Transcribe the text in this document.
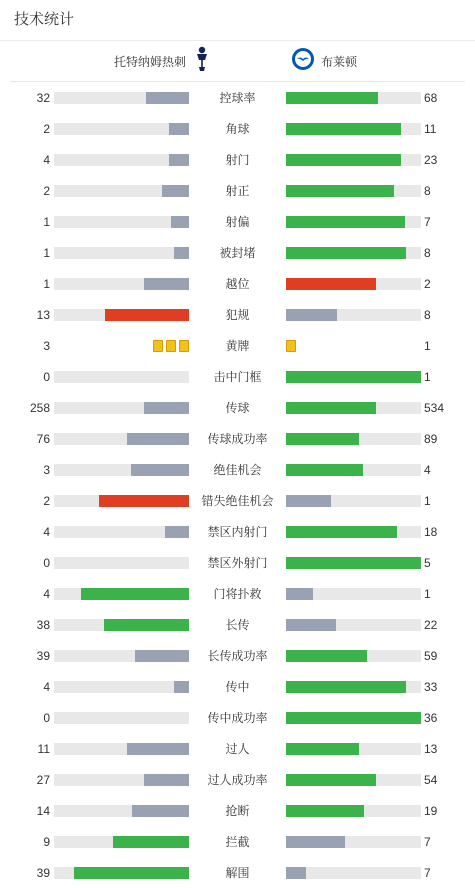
技术统计
托特纳姆热刺	布莱顿
32	控球率	68
2	角球	11
4	射门	23
2	射正	8
1	射偏	7
1	被封堵	8
1	越位	2
13	犯规	8
3	黄牌	1
0	击中门框	1
258	传球	534
76	传球成功率	89
3	绝佳机会	4
2	错失绝佳机会	1
4	禁区内射门	18
0	禁区外射门	5
4	门将扑救	1
38	长传	22
39	长传成功率	59
4	传中	33
0	传中成功率	36
11	过人	13
27	过人成功率	54
14	抢断	19
9	拦截	7
39	解围	7
